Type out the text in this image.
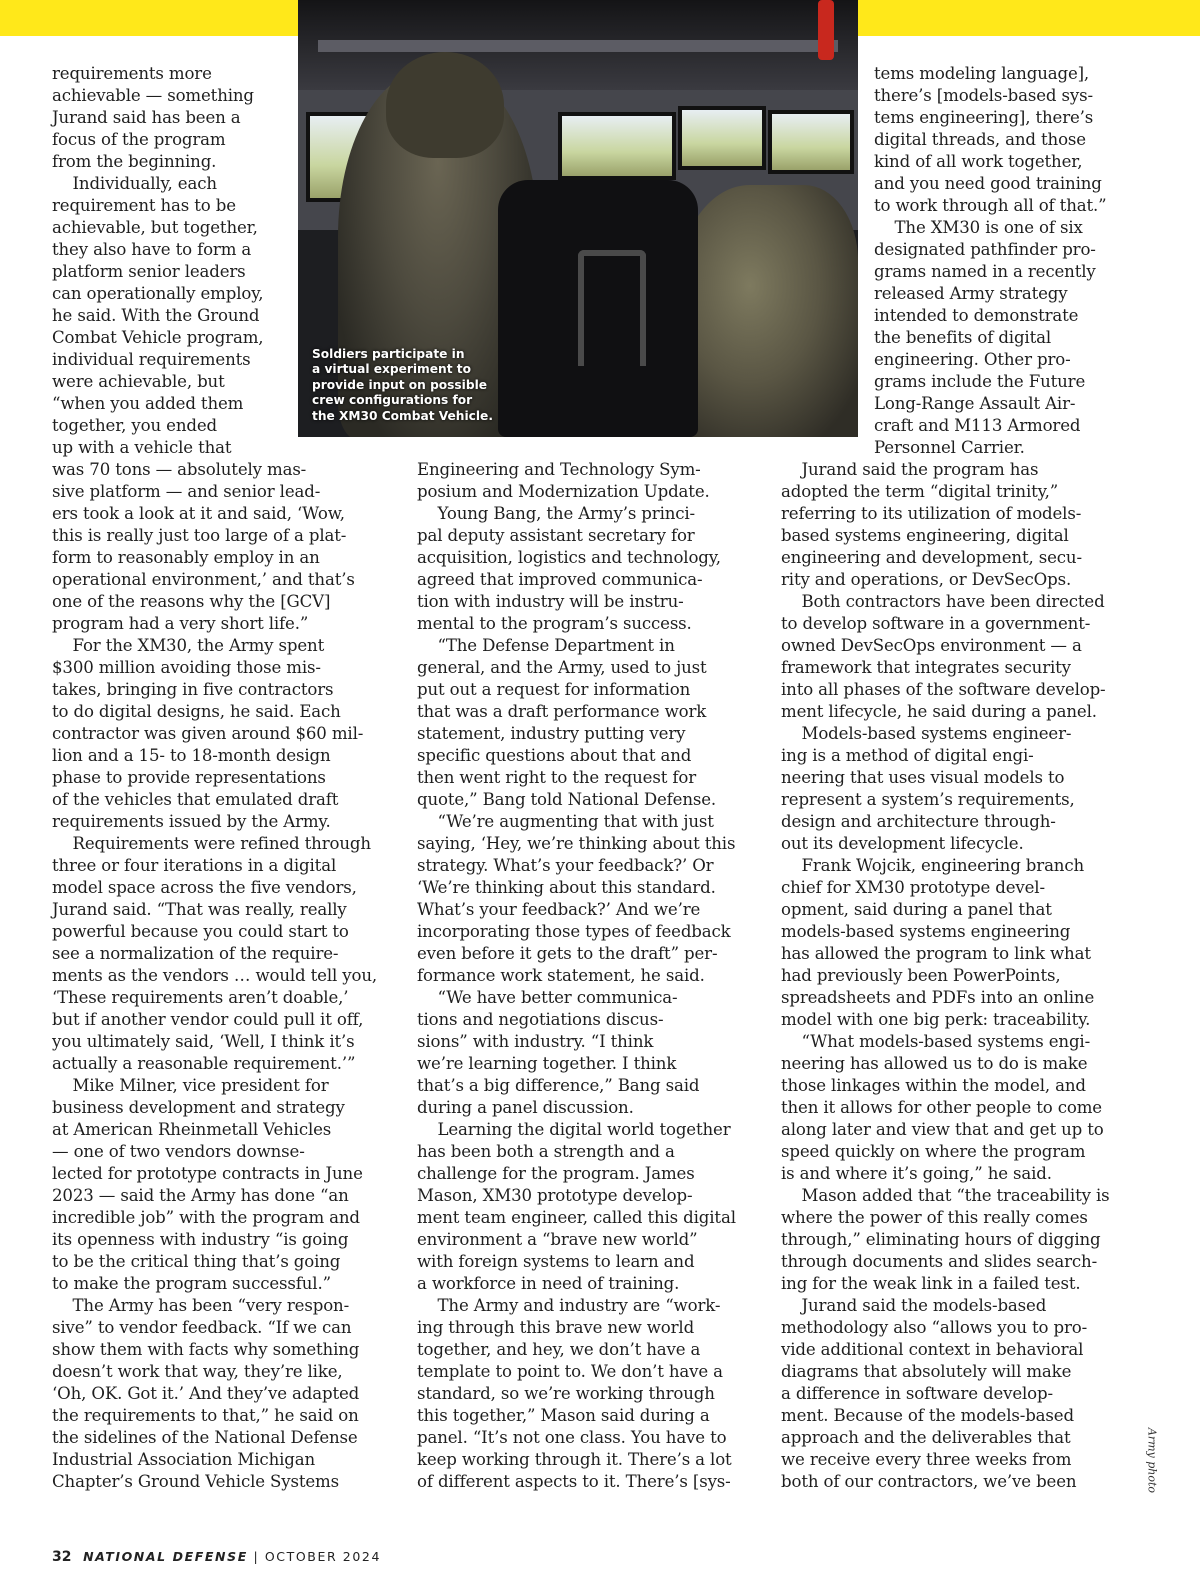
Soldiers participate in
a virtual experiment to
provide input on possible
crew configurations for
the XM30 Combat Vehicle.

requirements more
achievable — something
Jurand said has been a
focus of the program
from the beginning.
Individually, each
requirement has to be
achievable, but together,
they also have to form a
platform senior leaders
can operationally employ,
he said. With the Ground
Combat Vehicle program,
individual requirements
were achievable, but
“when you added them
together, you ended
up with a vehicle that

was 70 tons — absolutely mas-
sive platform — and senior lead-
ers took a look at it and said, ‘Wow,
this is really just too large of a plat-
form to reasonably employ in an
operational environment,’ and that’s
one of the reasons why the [GCV]
program had a very short life.”
For the XM30, the Army spent
$300 million avoiding those mis-
takes, bringing in five contractors
to do digital designs, he said. Each
contractor was given around $60 mil-
lion and a 15- to 18-month design
phase to provide representations
of the vehicles that emulated draft
requirements issued by the Army.
Requirements were refined through
three or four iterations in a digital
model space across the five vendors,
Jurand said. “That was really, really
powerful because you could start to
see a normalization of the require-
ments as the vendors … would tell you,
‘These requirements aren’t doable,’
but if another vendor could pull it off,
you ultimately said, ‘Well, I think it’s
actually a reasonable requirement.’”
Mike Milner, vice president for
business development and strategy
at American Rheinmetall Vehicles
— one of two vendors downse-
lected for prototype contracts in June
2023 — said the Army has done “an
incredible job” with the program and
its openness with industry “is going
to be the critical thing that’s going
to make the program successful.”
The Army has been “very respon-
sive” to vendor feedback. “If we can
show them with facts why something
doesn’t work that way, they’re like,
‘Oh, OK. Got it.’ And they’ve adapted
the requirements to that,” he said on
the sidelines of the National Defense
Industrial Association Michigan
Chapter’s Ground Vehicle Systems

Engineering and Technology Sym-
posium and Modernization Update.
Young Bang, the Army’s princi-
pal deputy assistant secretary for
acquisition, logistics and technology,
agreed that improved communica-
tion with industry will be instru-
mental to the program’s success.
“The Defense Department in
general, and the Army, used to just
put out a request for information
that was a draft performance work
statement, industry putting very
specific questions about that and
then went right to the request for
quote,” Bang told National Defense.
“We’re augmenting that with just
saying, ‘Hey, we’re thinking about this
strategy. What’s your feedback?’ Or
‘We’re thinking about this standard.
What’s your feedback?’ And we’re
incorporating those types of feedback
even before it gets to the draft” per-
formance work statement, he said.
“We have better communica-
tions and negotiations discus-
sions” with industry. “I think
we’re learning together. I think
that’s a big difference,” Bang said
during a panel discussion.
Learning the digital world together
has been both a strength and a
challenge for the program. James
Mason, XM30 prototype develop-
ment team engineer, called this digital
environment a “brave new world”
with foreign systems to learn and
a workforce in need of training.
The Army and industry are “work-
ing through this brave new world
together, and hey, we don’t have a
template to point to. We don’t have a
standard, so we’re working through
this together,” Mason said during a
panel. “It’s not one class. You have to
keep working through it. There’s a lot
of different aspects to it. There’s [sys-

tems modeling language],
there’s [models-based sys-
tems engineering], there’s
digital threads, and those
kind of all work together,
and you need good training
to work through all of that.”
The XM30 is one of six
designated pathfinder pro-
grams named in a recently
released Army strategy
intended to demonstrate
the benefits of digital
engineering. Other pro-
grams include the Future
Long-Range Assault Air-
craft and M113 Armored
Personnel Carrier.

Jurand said the program has
adopted the term “digital trinity,”
referring to its utilization of models-
based systems engineering, digital
engineering and development, secu-
rity and operations, or DevSecOps.
Both contractors have been directed
to develop software in a government-
owned DevSecOps environment — a
framework that integrates security
into all phases of the software develop-
ment lifecycle, he said during a panel.
Models-based systems engineer-
ing is a method of digital engi-
neering that uses visual models to
represent a system’s requirements,
design and architecture through-
out its development lifecycle.
Frank Wojcik, engineering branch
chief for XM30 prototype devel-
opment, said during a panel that
models-based systems engineering
has allowed the program to link what
had previously been PowerPoints,
spreadsheets and PDFs into an online
model with one big perk: traceability.
“What models-based systems engi-
neering has allowed us to do is make
those linkages within the model, and
then it allows for other people to come
along later and view that and get up to
speed quickly on where the program
is and where it’s going,” he said.
Mason added that “the traceability is
where the power of this really comes
through,” eliminating hours of digging
through documents and slides search-
ing for the weak link in a failed test.
Jurand said the models-based
methodology also “allows you to pro-
vide additional context in behavioral
diagrams that absolutely will make
a difference in software develop-
ment. Because of the models-based
approach and the deliverables that
we receive every three weeks from
both of our contractors, we’ve been	Army photo
32 NATIONAL DEFENSE | OCTOBER 2024
